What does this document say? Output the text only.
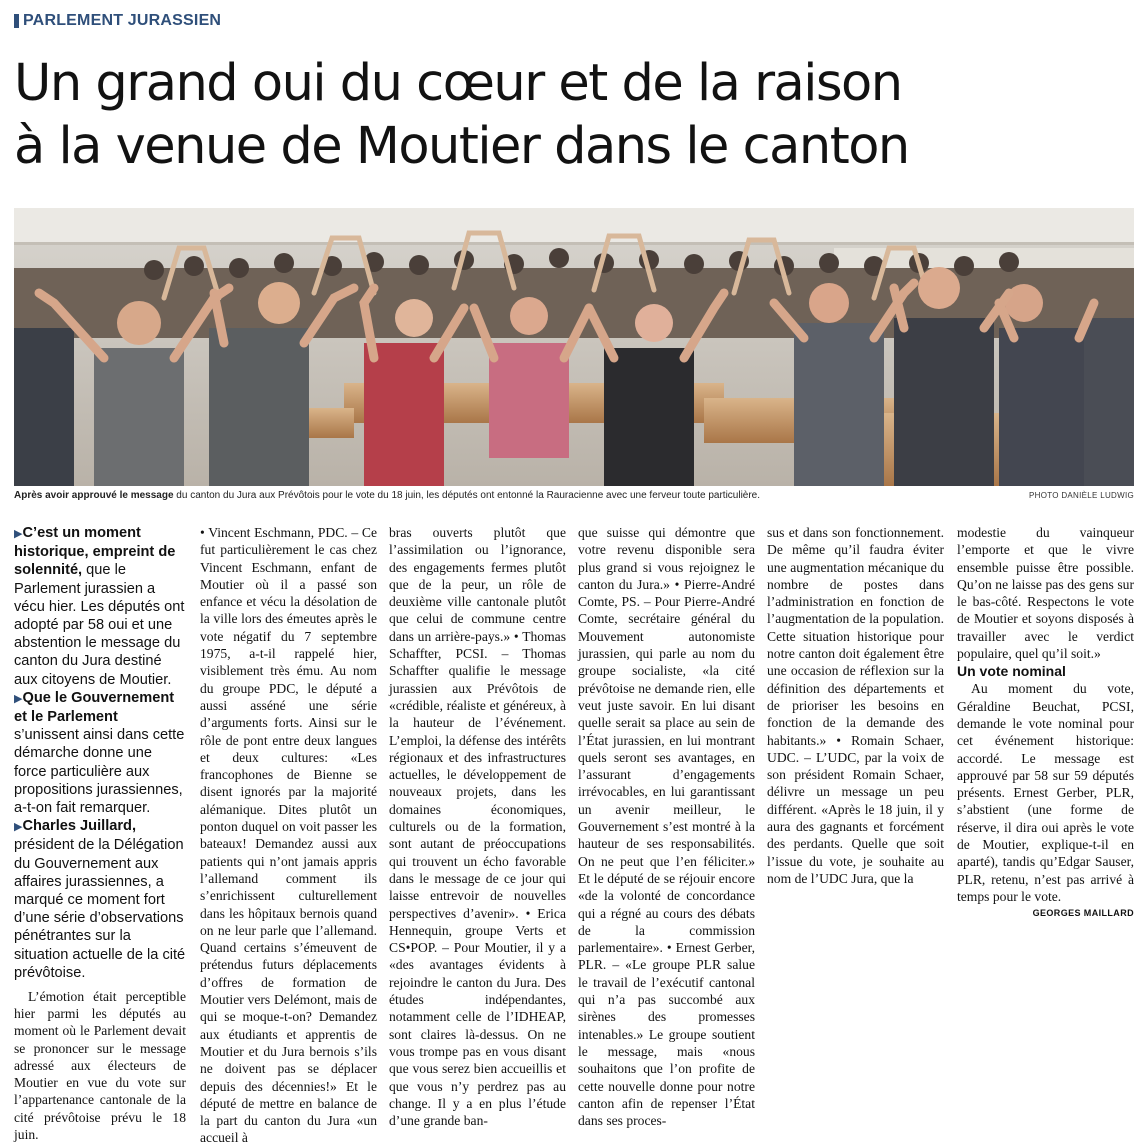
PARLEMENT JURASSIEN
Un grand oui du cœur et de la raison
à la venue de Moutier dans le canton
Après avoir approuvé le message du canton du Jura aux Prévôtois pour le vote du 18 juin, les députés ont entonné la Rauracienne avec une ferveur toute particulière.	PHOTO DANIÈLE LUDWIG

▶C’est un moment historique, empreint de solennité, que le Parlement jurassien a vécu hier. Les députés ont adopté par 58 oui et une abstention le message du canton du Jura destiné aux citoyens de Moutier.

▶Que le Gouvernement et le Parlement s’unissent ainsi dans cette démarche donne une force particulière aux propositions jurassiennes, a-t-on fait remarquer.

▶Charles Juillard, président de la Délégation du Gouvernement aux affaires jurassiennes, a marqué ce moment fort d’une série d’observations pénétrantes sur la situation actuelle de la cité prévôtoise.

L’émotion était perceptible hier parmi les députés au moment où le Parlement devait se prononcer sur le message adressé aux électeurs de Moutier en vue du vote sur l’appartenance cantonale de la cité prévôtoise prévu le 18 juin.

• Vincent Eschmann, PDC. – Ce fut particulièrement le cas chez Vincent Eschmann, enfant de Moutier où il a passé son enfance et vécu la désolation de la ville lors des émeutes après le vote négatif du 7 septembre 1975, a-t-il rappelé hier, visiblement très ému. Au nom du groupe PDC, le député a aussi asséné une série d’arguments forts. Ainsi sur le rôle de pont entre deux langues et deux cultures: «Les francophones de Bienne se disent ignorés par la majorité alémanique. Dites plutôt un ponton duquel on voit passer les bateaux! Demandez aussi aux patients qui n’ont jamais appris l’allemand comment ils s’enrichissent culturellement dans les hôpitaux bernois quand on ne leur parle que l’allemand. Quand certains s’émeuvent de prétendus futurs déplacements d’offres de formation de Moutier vers Delémont, mais de qui se moque-t-on? Demandez aux étudiants et apprentis de Moutier et du Jura bernois s’ils ne doivent pas se déplacer depuis des décennies!» Et le député de mettre en balance de la part du canton du Jura «un accueil à

bras ouverts plutôt que l’assimilation ou l’ignorance, des engagements fermes plutôt que de la peur, un rôle de deuxième ville cantonale plutôt que celui de commune centre dans un arrière-pays.» • Thomas Schaffter, PCSI. – Thomas Schaffter qualifie le message jurassien aux Prévôtois de «crédible, réaliste et généreux, à la hauteur de l’événement. L’emploi, la défense des intérêts régionaux et des infrastructures actuelles, le développement de nouveaux projets, dans les domaines économiques, culturels ou de la formation, sont autant de préoccupations qui trouvent un écho favorable dans le message de ce jour qui laisse entrevoir de nouvelles perspectives d’avenir». • Erica Hennequin, groupe Verts et CS•POP. – Pour Moutier, il y a «des avantages évidents à rejoindre le canton du Jura. Des études indépendantes, notamment celle de l’IDHEAP, sont claires là-dessus. On ne vous trompe pas en vous disant que vous serez bien accueillis et que vous n’y perdrez pas au change. Il y a en plus l’étude d’une grande ban-

que suisse qui démontre que votre revenu disponible sera plus grand si vous rejoignez le canton du Jura.» • Pierre-André Comte, PS. – Pour Pierre-André Comte, secrétaire général du Mouvement autonomiste jurassien, qui parle au nom du groupe socialiste, «la cité prévôtoise ne demande rien, elle veut juste savoir. En lui disant quelle serait sa place au sein de l’État jurassien, en lui montrant quels seront ses avantages, en l’assurant d’engagements irrévocables, en lui garantissant un avenir meilleur, le Gouvernement s’est montré à la hauteur de ses responsabilités. On ne peut que l’en féliciter.» Et le député de se réjouir encore «de la volonté de concordance qui a régné au cours des débats de la commission parlementaire». • Ernest Gerber, PLR. – «Le groupe PLR salue le travail de l’exécutif cantonal qui n’a pas succombé aux sirènes des promesses intenables.» Le groupe soutient le message, mais «nous souhaitons que l’on profite de cette nouvelle donne pour notre canton afin de repenser l’État dans ses proces-

sus et dans son fonctionnement. De même qu’il faudra éviter une augmentation mécanique du nombre de postes dans l’administration en fonction de l’augmentation de la population. Cette situation historique pour notre canton doit également être une occasion de réflexion sur la définition des départements et de prioriser les besoins en fonction de la demande des habitants.» • Romain Schaer, UDC. – L’UDC, par la voix de son président Romain Schaer, délivre un message un peu différent. «Après le 18 juin, il y aura des gagnants et forcément des perdants. Quelle que soit l’issue du vote, je souhaite au nom de l’UDC Jura, que la

modestie du vainqueur l’emporte et que le vivre ensemble puisse être possible. Qu’on ne laisse pas des gens sur le bas-côté. Respectons le vote de Moutier et soyons disposés à travailler avec le verdict populaire, quel qu’il soit.»

Un vote nominal

Au moment du vote, Géraldine Beuchat, PCSI, demande le vote nominal pour cet événement historique: accordé. Le message est approuvé par 58 sur 59 députés présents. Ernest Gerber, PLR, s’abstient (une forme de réserve, il dira oui après le vote de Moutier, explique-t-il en aparté), tandis qu’Edgar Sauser, PLR, retenu, n’est pas arrivé à temps pour le vote.

GEORGES MAILLARD
